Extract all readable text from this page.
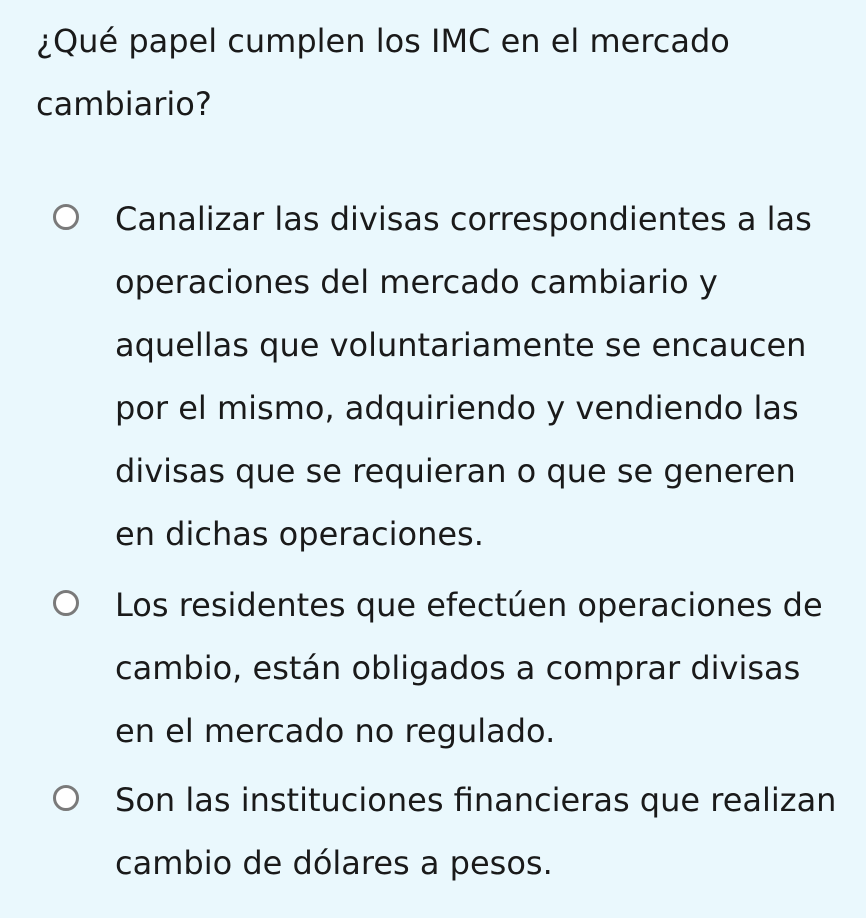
¿Qué papel cumplen los IMC en el mercado cambiario?
Canalizar las divisas correspondientes a las operaciones del mercado cambiario y aquellas que voluntariamente se encaucen por el mismo, adquiriendo y vendiendo las divisas que se requieran o que se generen en dichas operaciones.
Los residentes que efectúen operaciones de cambio, están obligados a comprar divisas en el mercado no regulado.
Son las instituciones financieras que realizan cambio de dólares a pesos.
